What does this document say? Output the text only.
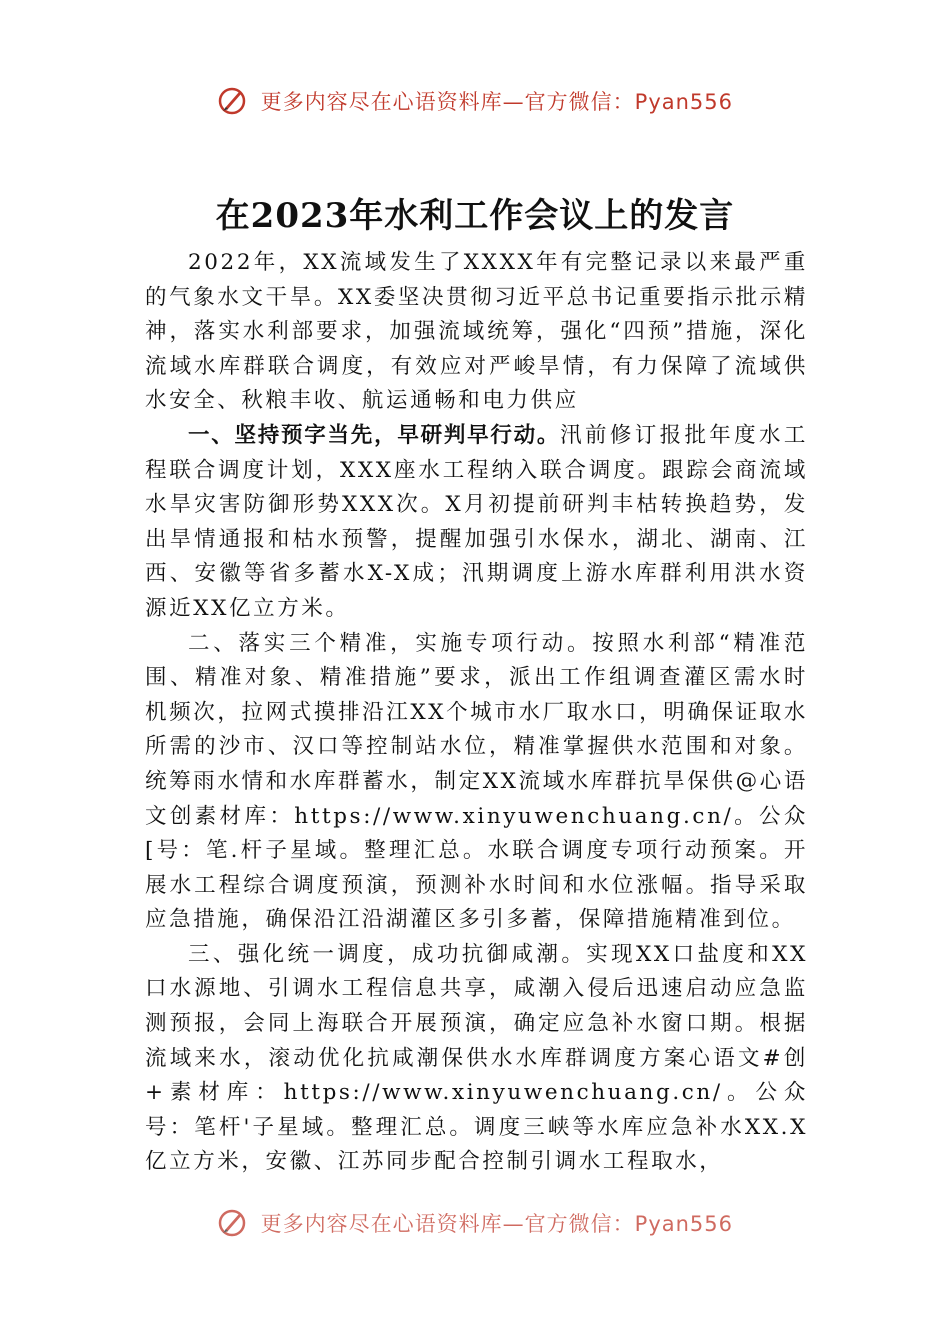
更多内容尽在心语资料库—官方微信：Pyan556
在2023年水利工作会议上的发言

2022年，XX流域发生了XXXX年有完整记录以来最严重的气象水文干旱。XX委坚决贯彻习近平总书记重要指示批示精神，落实水利部要求，加强流域统筹，强化“四预”措施，深化流域水库群联合调度，有效应对严峻旱情，有力保障了流域供水安全、秋粮丰收、航运通畅和电力供应

一、坚持预字当先，早研判早行动。汛前修订报批年度水工程联合调度计划，XXX座水工程纳入联合调度。跟踪会商流域水旱灾害防御形势XXX次。X月初提前研判丰枯转换趋势，发出旱情通报和枯水预警，提醒加强引水保水，湖北、湖南、江西、安徽等省多蓄水X-X成；汛期调度上游水库群利用洪水资源近XX亿立方米。

二、落实三个精准，实施专项行动。按照水利部“精准范围、精准对象、精准措施”要求，派出工作组调查灌区需水时机频次，拉网式摸排沿江XX个城市水厂取水口，明确保证取水所需的沙市、汉口等控制站水位，精准掌握供水范围和对象。统筹雨水情和水库群蓄水，制定XX流域水库群抗旱保供@心语文创素材库：https://www.xinyuwenchuang.cn/。公众[号：笔.杆子星域。整理汇总。水联合调度专项行动预案。开展水工程综合调度预演，预测补水时间和水位涨幅。指导采取应急措施，确保沿江沿湖灌区多引多蓄，保障措施精准到位。

三、强化统一调度，成功抗御咸潮。实现XX口盐度和XX口水源地、引调水工程信息共享，咸潮入侵后迅速启动应急监测预报，会同上海联合开展预演，确定应急补水窗口期。根据流域来水，滚动优化抗咸潮保供水水库群调度方案心语文#创+素材库：https://www.xinyuwenchuang.cn/。公众号：笔杆'子星域。整理汇总。调度三峡等水库应急补水XX.X亿立方米，安徽、江苏同步配合控制引调水工程取水，

更多内容尽在心语资料库—官方微信：Pyan556
